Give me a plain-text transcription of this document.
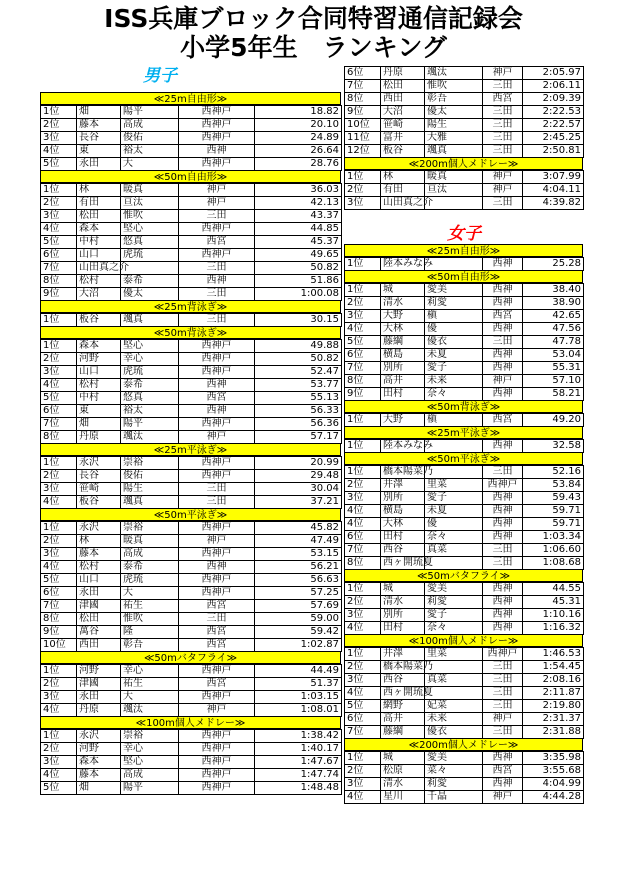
ISS兵庫ブロック合同特習通信記録会
小学5年生　ランキング
男子
≪25m自由形≫
1位	畑	陽平	西神戸	18.82
2位	藤本	高成	西神戸	20.10
3位	長谷	俊佑	西神戸	24.89
4位	東	裕太	西神	26.64
5位	永田	大	西神戸	28.76
≪50m自由形≫
1位	林	暖真	神戸	36.03
2位	有田	亘汰	神戸	42.13
3位	松田	惟吹	三田	43.37
4位	森本	堅心	西神戸	44.85
5位	中村	悠真	西宮	45.37
6位	山口	虎琉	西神戸	49.65
7位	山田真之介		三田	50.82
8位	松村	泰希	西神	51.86
9位	大沼	優太	三田	1:00.08
≪25m背泳ぎ≫
1位	板谷	颯真	三田	30.15
≪50m背泳ぎ≫
1位	森本	堅心	西神戸	49.88
2位	河野	幸心	西神戸	50.82
3位	山口	虎琉	西神戸	52.47
4位	松村	泰希	西神	53.77
5位	中村	悠真	西宮	55.13
6位	東	裕太	西神	56.33
7位	畑	陽平	西神戸	56.36
8位	丹原	颯汰	神戸	57.17
≪25m平泳ぎ≫
1位	永沢	崇裕	西神戸	20.99
2位	長谷	俊佑	西神戸	29.48
3位	笹崎	陽生	三田	30.04
4位	板谷	颯真	三田	37.21
≪50m平泳ぎ≫
1位	永沢	崇裕	西神戸	45.82
2位	林	暖真	神戸	47.49
3位	藤本	高成	西神戸	53.15
4位	松村	泰希	西神	56.21
5位	山口	虎琉	西神戸	56.63
6位	永田	大	西神戸	57.25
7位	津國	祐生	西宮	57.69
8位	松田	惟吹	三田	59.00
9位	萬谷	隆	西宮	59.42
10位	西田	彰吾	西宮	1:02.87
≪50mバタフライ≫
1位	河野	幸心	西神戸	44.49
2位	津國	祐生	西宮	51.37
3位	永田	大	西神戸	1:03.15
4位	丹原	颯汰	神戸	1:08.01
≪100m個人メドレー≫
1位	永沢	崇裕	西神戸	1:38.42
2位	河野	幸心	西神戸	1:40.17
3位	森本	堅心	西神戸	1:47.67
4位	藤本	高成	西神戸	1:47.74
5位	畑	陽平	西神戸	1:48.48
女子
6位	丹原	颯汰	神戸	2:05.97
7位	松田	惟吹	三田	2:06.11
8位	西田	彰吾	西宮	2:09.39
9位	大沼	優太	三田	2:22.53
10位	笹崎	陽生	三田	2:22.57
11位	富井	大雅	三田	2:45.25
12位	板谷	颯真	三田	2:50.81
≪200m個人メドレー≫
1位	林	暖真	神戸	3:07.99
2位	有田	亘汰	神戸	4:04.11
3位	山田真之介		三田	4:39.82
≪25m自由形≫
1位	陸本みなみ		西神	25.28
≪50m自由形≫
1位	城	愛美	西神	38.40
2位	清水	莉愛	西神	38.90
3位	大野	槇	西宮	42.65
4位	大林	優	西神	47.56
5位	藤綱	優衣	三田	47.78
6位	横島	未夏	西神	53.04
7位	別所	愛子	西神	55.31
8位	高井	未来	神戸	57.10
9位	田村	奈々	西神	58.21
≪50m背泳ぎ≫
1位	大野	槇	西宮	49.20
≪25m平泳ぎ≫
1位	陸本みなみ		西神	32.58
≪50m平泳ぎ≫
1位	橋本陽菜乃		三田	52.16
2位	井澤	里菜	西神戸	53.84
3位	別所	愛子	西神	59.43
4位	横島	未夏	西神	59.71
4位	大林	優	西神	59.71
6位	田村	奈々	西神	1:03.34
7位	西谷	真菜	三田	1:06.60
8位	西ヶ開琉夏		三田	1:08.68
≪50mバタフライ≫
1位	城	愛美	西神	44.55
2位	清水	莉愛	西神	45.31
3位	別所	愛子	西神	1:10.16
4位	田村	奈々	西神	1:16.32
≪100m個人メドレー≫
1位	井澤	里菜	西神戸	1:46.53
2位	橋本陽菜乃		三田	1:54.45
3位	西谷	真菜	三田	2:08.16
4位	西ヶ開琉夏		三田	2:11.87
5位	網野	妃菜	三田	2:19.80
6位	高井	未来	神戸	2:31.37
7位	藤綱	優衣	三田	2:31.88
≪200m個人メドレー≫
1位	城	愛美	西神	3:35.98
2位	松原	菜々	西宮	3:55.68
3位	清水	莉愛	西神	4:04.99
4位	星川	千晶	神戸	4:44.28
